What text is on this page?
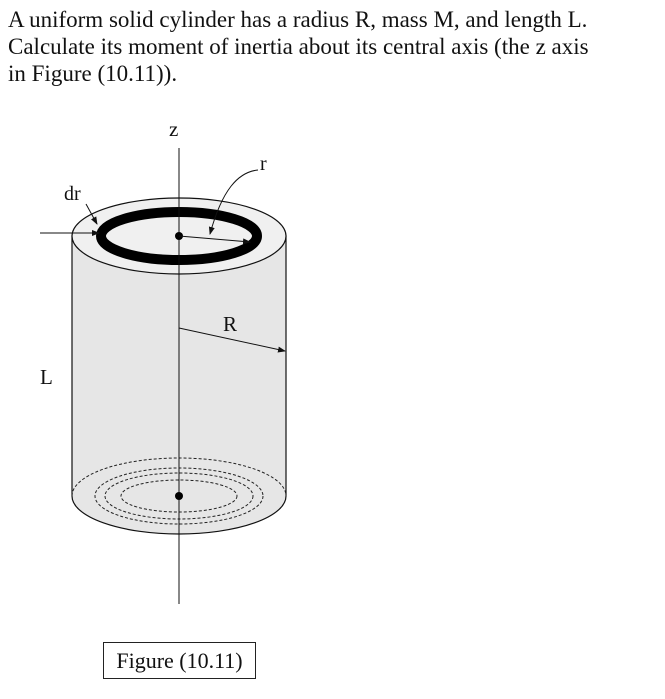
A uniform solid cylinder has a radius R, mass M, and length L.

Calculate its moment of inertia about its central axis (the z axis

in Figure (10.11)).

z
r
dr
R
L
Figure (10.11)
